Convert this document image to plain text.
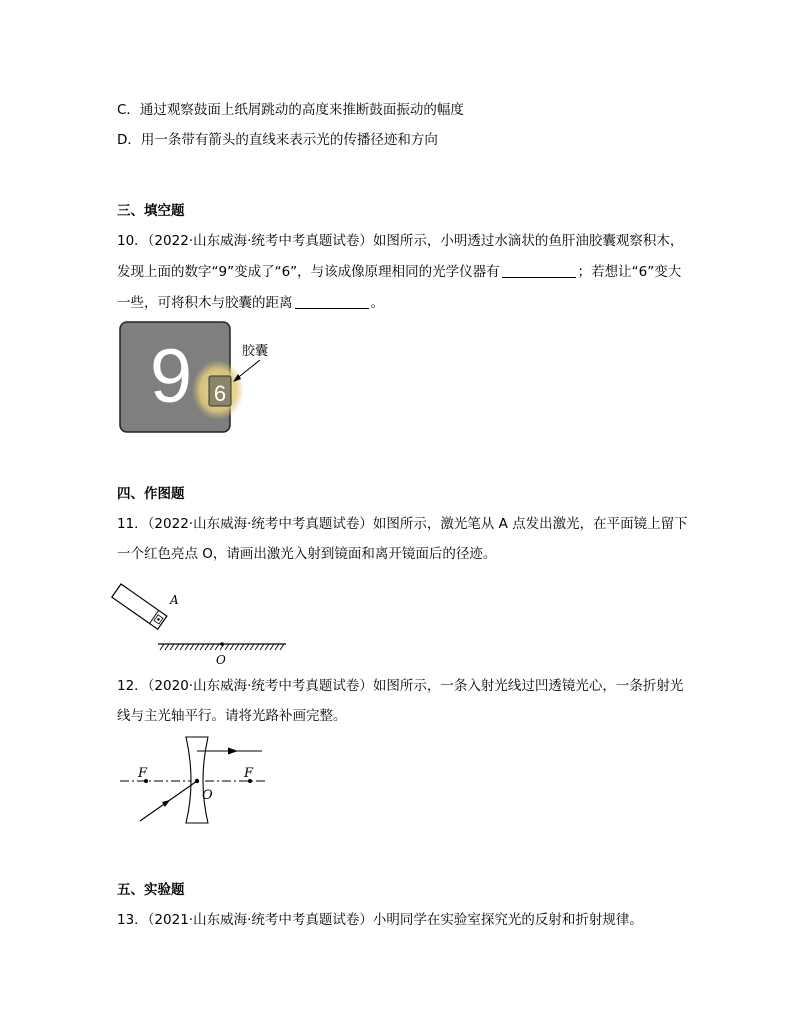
C．通过观察鼓面上纸屑跳动的高度来推断鼓面振动的幅度
D．用一条带有箭头的直线来表示光的传播径迹和方向
三、填空题
10．（2022·山东威海·统考中考真题试卷）如图所示，小明透过水滴状的鱼肝油胶囊观察积木，
发现上面的数字“9”变成了“6”，与该成像原理相同的光学仪器有	；若想让“6”变大
一些，可将积木与胶囊的距离	。
9 6
胶囊
四、作图题
11．（2022·山东威海·统考中考真题试卷）如图所示，激光笔从 A 点发出激光，在平面镜上留下
一个红色亮点 O，请画出激光入射到镜面和离开镜面后的径迹。
A
O
12．（2020·山东威海·统考中考真题试卷）如图所示，一条入射光线过凹透镜光心，一条折射光
线与主光轴平行。请将光路补画完整。
F	F
O
五、实验题
13．（2021·山东威海·统考中考真题试卷）小明同学在实验室探究光的反射和折射规律。
